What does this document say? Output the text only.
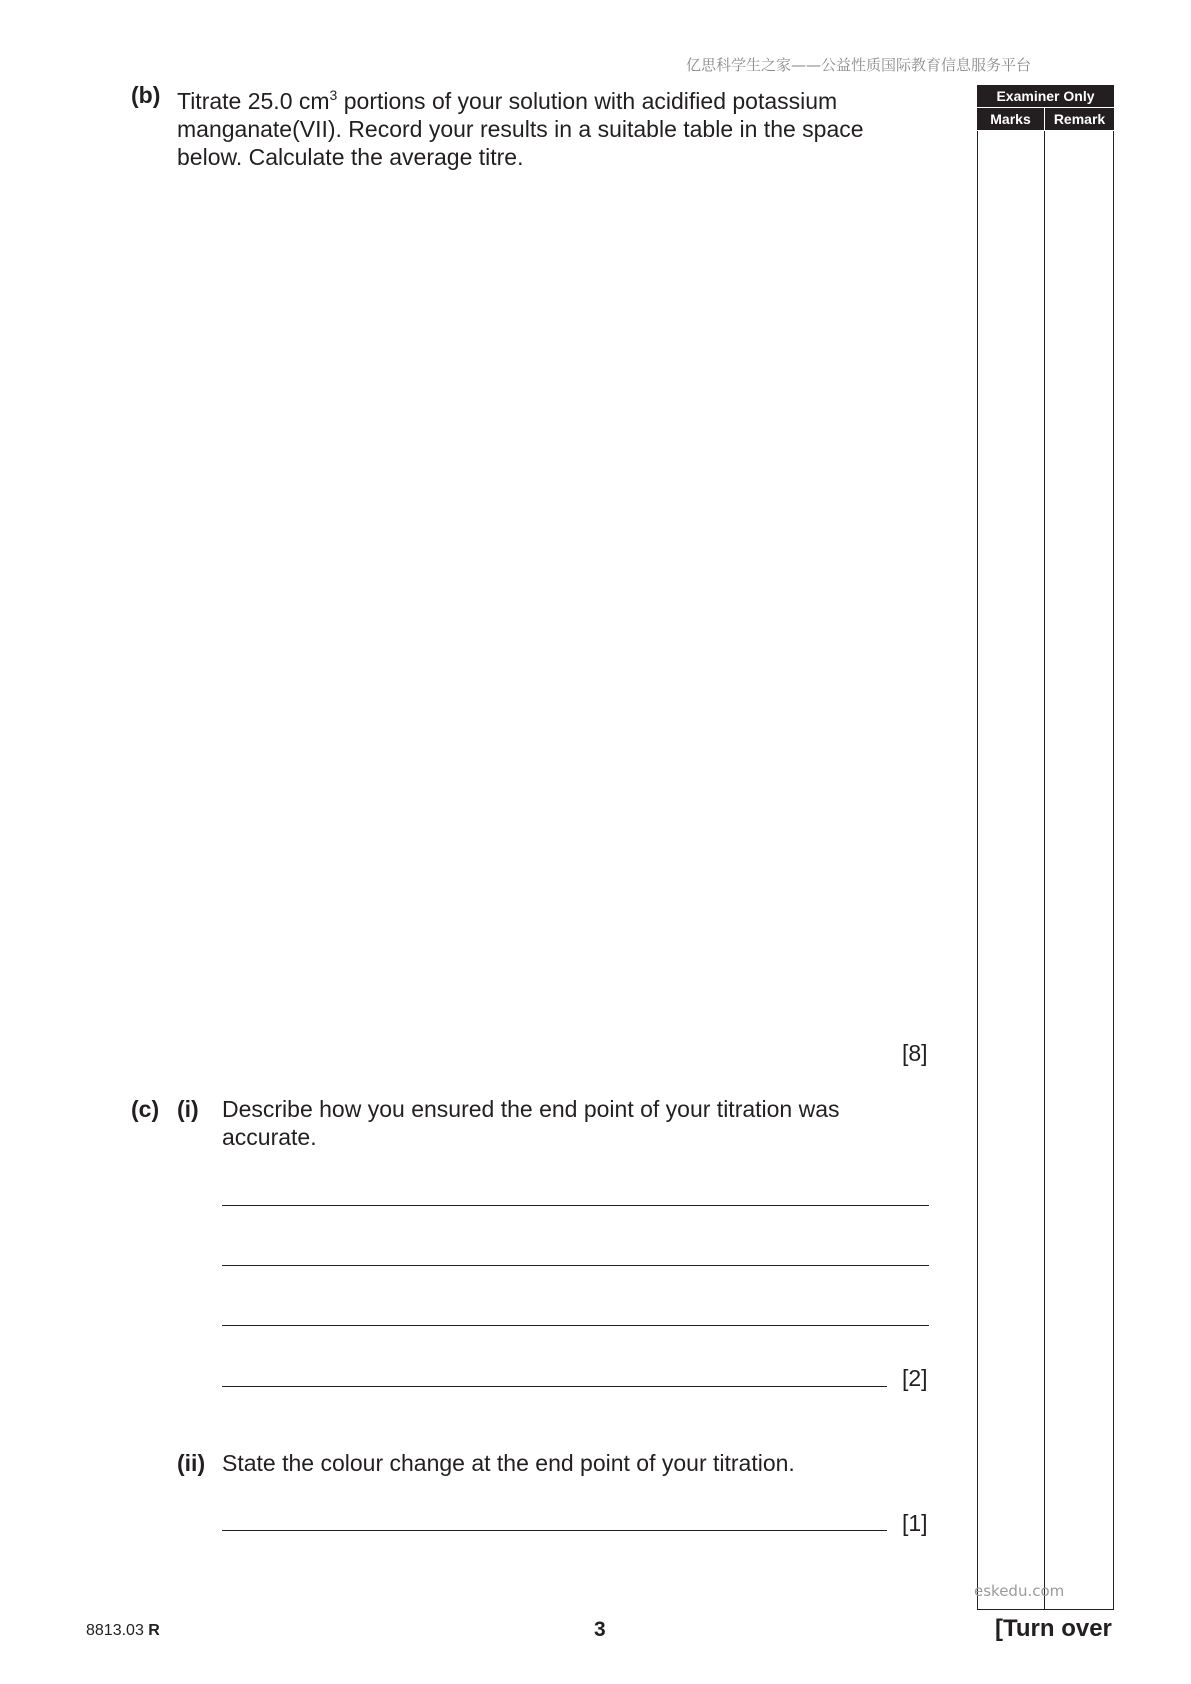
亿思科学生之家——公益性质国际教育信息服务平台
(b) Titrate 25.0 $cm^3$ portions of your solution with acidified potassium
manganate(VII). Record your results in a suitable table in the space
below. Calculate the average titre.
[8]
(c) (i) Describe how you ensured the end point of your titration was
accurate.
[2]
(ii) State the colour change at the end point of your titration.
[1]
Examiner Only
Marks	Remark
eskedu.com
8813.03 R	3	[Turn over
